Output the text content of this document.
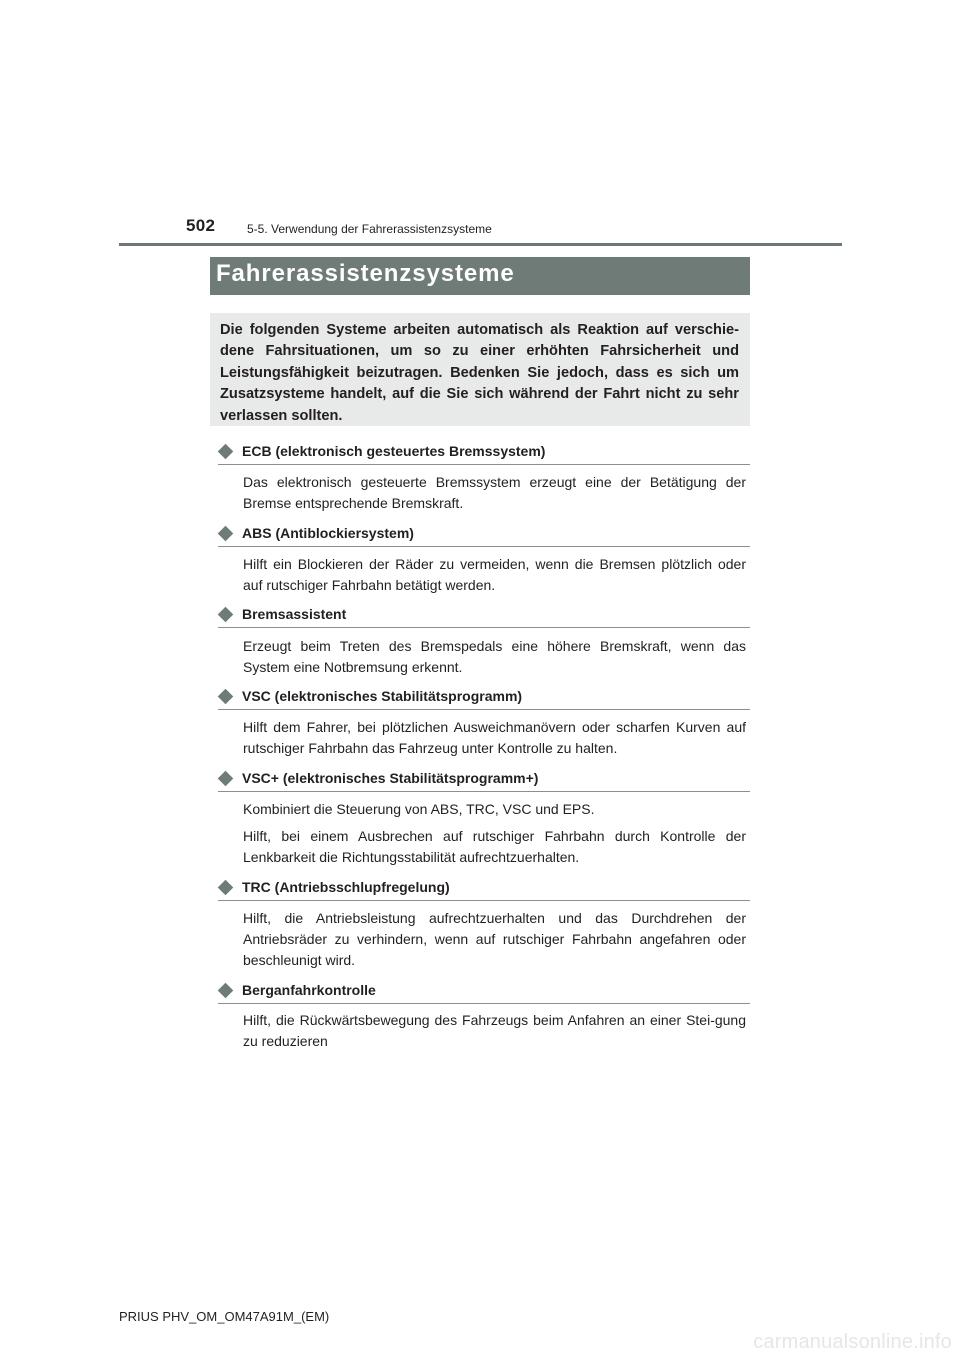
502	5-5. Verwendung der Fahrerassistenzsysteme
Fahrerassistenzsysteme

Die folgenden Systeme arbeiten automatisch als Reaktion auf verschie-dene Fahrsituationen, um so zu einer erhöhten Fahrsicherheit und Leistungsfähigkeit beizutragen. Bedenken Sie jedoch, dass es sich um Zusatzsysteme handelt, auf die Sie sich während der Fahrt nicht zu sehr verlassen sollten.

ECB (elektronisch gesteuertes Bremssystem)

Das elektronisch gesteuerte Bremssystem erzeugt eine der Betätigung der Bremse entsprechende Bremskraft.

ABS (Antiblockiersystem)

Hilft ein Blockieren der Räder zu vermeiden, wenn die Bremsen plötzlich oder auf rutschiger Fahrbahn betätigt werden.

Bremsassistent

Erzeugt beim Treten des Bremspedals eine höhere Bremskraft, wenn das System eine Notbremsung erkennt.

VSC (elektronisches Stabilitätsprogramm)

Hilft dem Fahrer, bei plötzlichen Ausweichmanövern oder scharfen Kurven auf rutschiger Fahrbahn das Fahrzeug unter Kontrolle zu halten.

VSC+ (elektronisches Stabilitätsprogramm+)

Kombiniert die Steuerung von ABS, TRC, VSC und EPS.

Hilft, bei einem Ausbrechen auf rutschiger Fahrbahn durch Kontrolle der Lenkbarkeit die Richtungsstabilität aufrechtzuerhalten.

TRC (Antriebsschlupfregelung)

Hilft, die Antriebsleistung aufrechtzuerhalten und das Durchdrehen der Antriebsräder zu verhindern, wenn auf rutschiger Fahrbahn angefahren oder beschleunigt wird.

Berganfahrkontrolle

Hilft, die Rückwärtsbewegung des Fahrzeugs beim Anfahren an einer Stei-gung zu reduzieren

PRIUS PHV_OM_OM47A91M_(EM)
carmanualsonline.info
